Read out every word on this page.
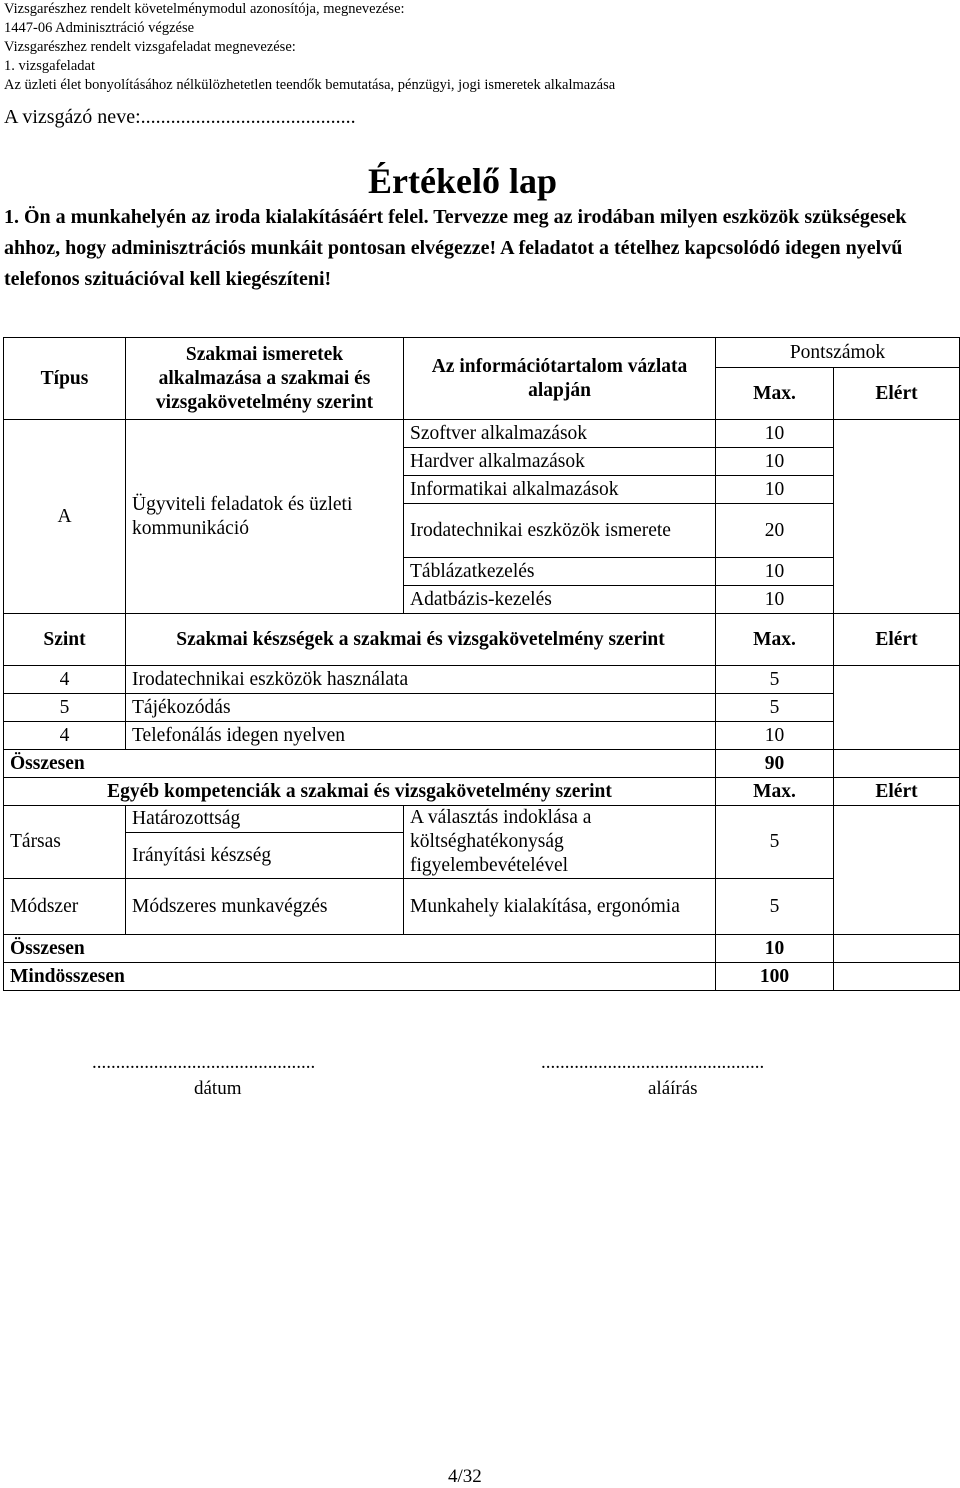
Vizsgarészhez rendelt követelménymodul azonosítója, megnevezése:
1447-06 Adminisztráció végzése
Vizsgarészhez rendelt vizsgafeladat megnevezése:
1. vizsgafeladat
Az üzleti élet bonyolításához nélkülözhetetlen teendők bemutatása, pénzügyi, jogi ismeretek alkalmazása
A vizsgázó neve:...........................................
Értékelő lap
1. Ön a munkahelyén az iroda kialakításáért felel. Tervezze meg az irodában milyen eszközök szükségesek ahhoz, hogy adminisztrációs munkáit pontosan elvégezze! A feladatot a tételhez kapcsolódó idegen nyelvű telefonos szituációval kell kiegészíteni!
Típus	Szakmai ismeretek alkalmazása a szakmai és vizsgakövetelmény szerint	Az információtartalom vázlata alapján	Pontszámok	
			Max.	Elért
A	Ügyviteli feladatok és üzleti kommunikáció	Szoftver alkalmazások	10	
		Hardver alkalmazások	10	
		Informatikai alkalmazások	10	
		Irodatechnikai eszközök ismerete	20	
		Táblázatkezelés	10	
		Adatbázis-kezelés	10	
Szint	Szakmai készségek a szakmai és vizsgakövetelmény szerint		Max.	Elért
4	Irodatechnikai eszközök használata		5	
5	Tájékozódás		5	
4	Telefonálás idegen nyelven		10	
Összesen			90	
Egyéb kompetenciák a szakmai és vizsgakövetelmény szerint			Max.	Elért
Társas	Határozottság	A választás indoklása a költséghatékonyság figyelembevételével	5	
	Irányítási készség			

Módszer	Módszeres munkavégzés	Munkahely kialakítása, ergonómia	5	
Összesen			10	
Mindösszesen			100	
...............................................
dátum
...............................................
aláírás
4/32
